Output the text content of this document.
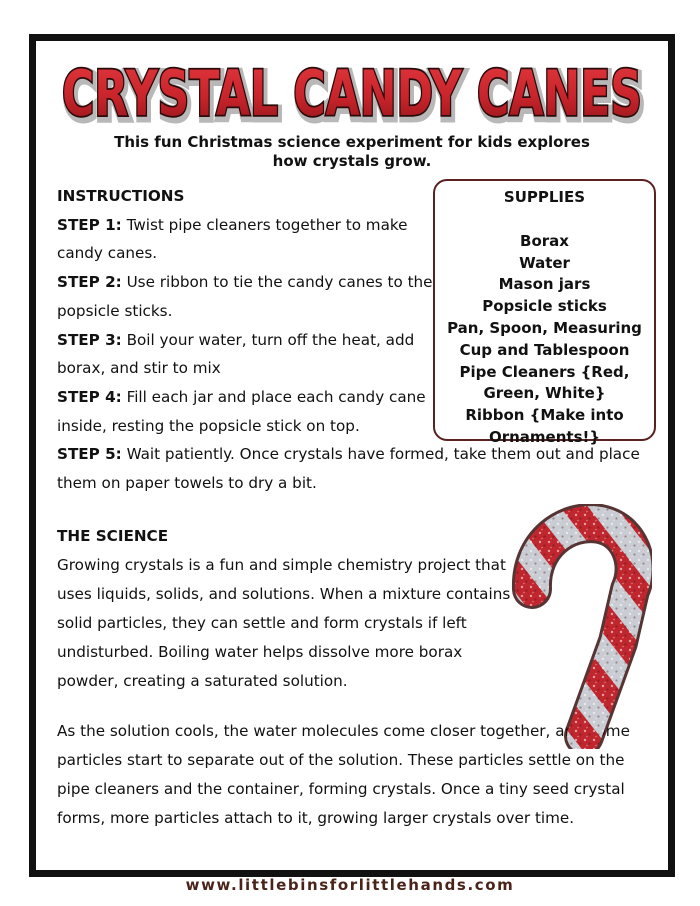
CRYSTAL CANDY CANES
CRYSTAL CANDY CANES
This fun Christmas science experiment for kids explores how crystals grow.
INSTRUCTIONS
STEP 1: Twist pipe cleaners together to make candy canes.
STEP 2: Use ribbon to tie the candy canes to the popsicle sticks.
STEP 3: Boil your water, turn off the heat, add borax, and stir to mix
STEP 4: Fill each jar and place each candy cane inside, resting the popsicle stick on top.
STEP 5: Wait patiently. Once crystals have formed, take them out and place them on paper towels to dry a bit.
SUPPLIES
Borax
Water
Mason jars
Popsicle sticks
Pan, Spoon, Measuring Cup and Tablespoon
Pipe Cleaners {Red, Green, White}
Ribbon {Make into Ornaments!}
THE SCIENCE
Growing crystals is a fun and simple chemistry project that uses liquids, solids, and solutions. When a mixture contains solid particles, they can settle and form crystals if left undisturbed. Boiling water helps dissolve more borax powder, creating a saturated solution.
As the solution cools, the water molecules come closer together, and some particles start to separate out of the solution. These particles settle on the pipe cleaners and the container, forming crystals. Once a tiny seed crystal forms, more particles attach to it, growing larger crystals over time.
www.littlebinsforlittlehands.com
